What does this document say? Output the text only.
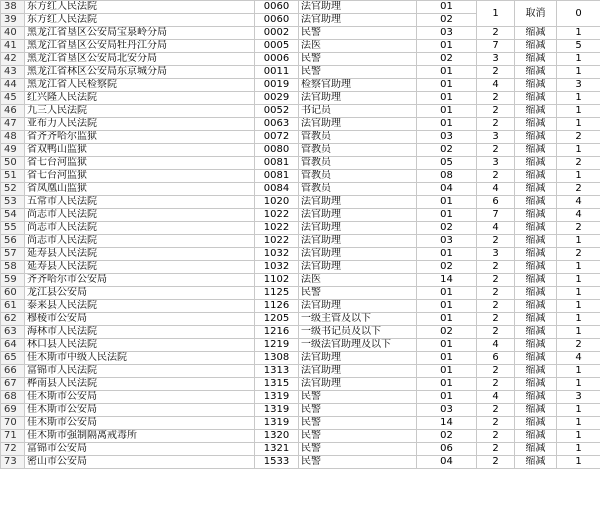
38	东方红人民法院	0060	法官助理	01	1	取消	0
39	东方红人民法院	0060	法官助理	02			
40	黑龙江省垦区公安局宝泉岭分局	0002	民警	03	2	缩减	1
41	黑龙江省垦区公安局牡丹江分局	0005	法医	01	7	缩减	5
42	黑龙江省垦区公安局北安分局	0006	民警	02	3	缩减	1
43	黑龙江省林区公安局东京城分局	0011	民警	01	2	缩减	1
44	黑龙江省人民检察院	0019	检察官助理	01	4	缩减	3
45	红兴隆人民法院	0029	法官助理	01	2	缩减	1
46	九三人民法院	0052	书记员	01	2	缩减	1
47	亚布力人民法院	0063	法官助理	01	2	缩减	1
48	省齐齐哈尔监狱	0072	管教员	03	3	缩减	2
49	省双鸭山监狱	0080	管教员	02	2	缩减	1
50	省七台河监狱	0081	管教员	05	3	缩减	2
51	省七台河监狱	0081	管教员	08	2	缩减	1
52	省凤凰山监狱	0084	管教员	04	4	缩减	2
53	五常市人民法院	1020	法官助理	01	6	缩减	4
54	尚志市人民法院	1022	法官助理	01	7	缩减	4
55	尚志市人民法院	1022	法官助理	02	4	缩减	2
56	尚志市人民法院	1022	法官助理	03	2	缩减	1
57	延寿县人民法院	1032	法官助理	01	3	缩减	2
58	延寿县人民法院	1032	法官助理	02	2	缩减	1
59	齐齐哈尔市公安局	1102	法医	14	2	缩减	1
60	龙江县公安局	1125	民警	01	2	缩减	1
61	泰来县人民法院	1126	法官助理	01	2	缩减	1
62	穆棱市公安局	1205	一级主管及以下	01	2	缩减	1
63	海林市人民法院	1216	一级书记员及以下	02	2	缩减	1
64	林口县人民法院	1219	一级法官助理及以下	01	4	缩减	2
65	佳木斯市中级人民法院	1308	法官助理	01	6	缩减	4
66	富锦市人民法院	1313	法官助理	01	2	缩减	1
67	桦南县人民法院	1315	法官助理	01	2	缩减	1
68	佳木斯市公安局	1319	民警	01	4	缩减	3
69	佳木斯市公安局	1319	民警	03	2	缩减	1
70	佳木斯市公安局	1319	民警	14	2	缩减	1
71	佳木斯市强制隔离戒毒所	1320	民警	02	2	缩减	1
72	富锦市公安局	1321	民警	06	2	缩减	1
73	密山市公安局	1533	民警	04	2	缩减	1
